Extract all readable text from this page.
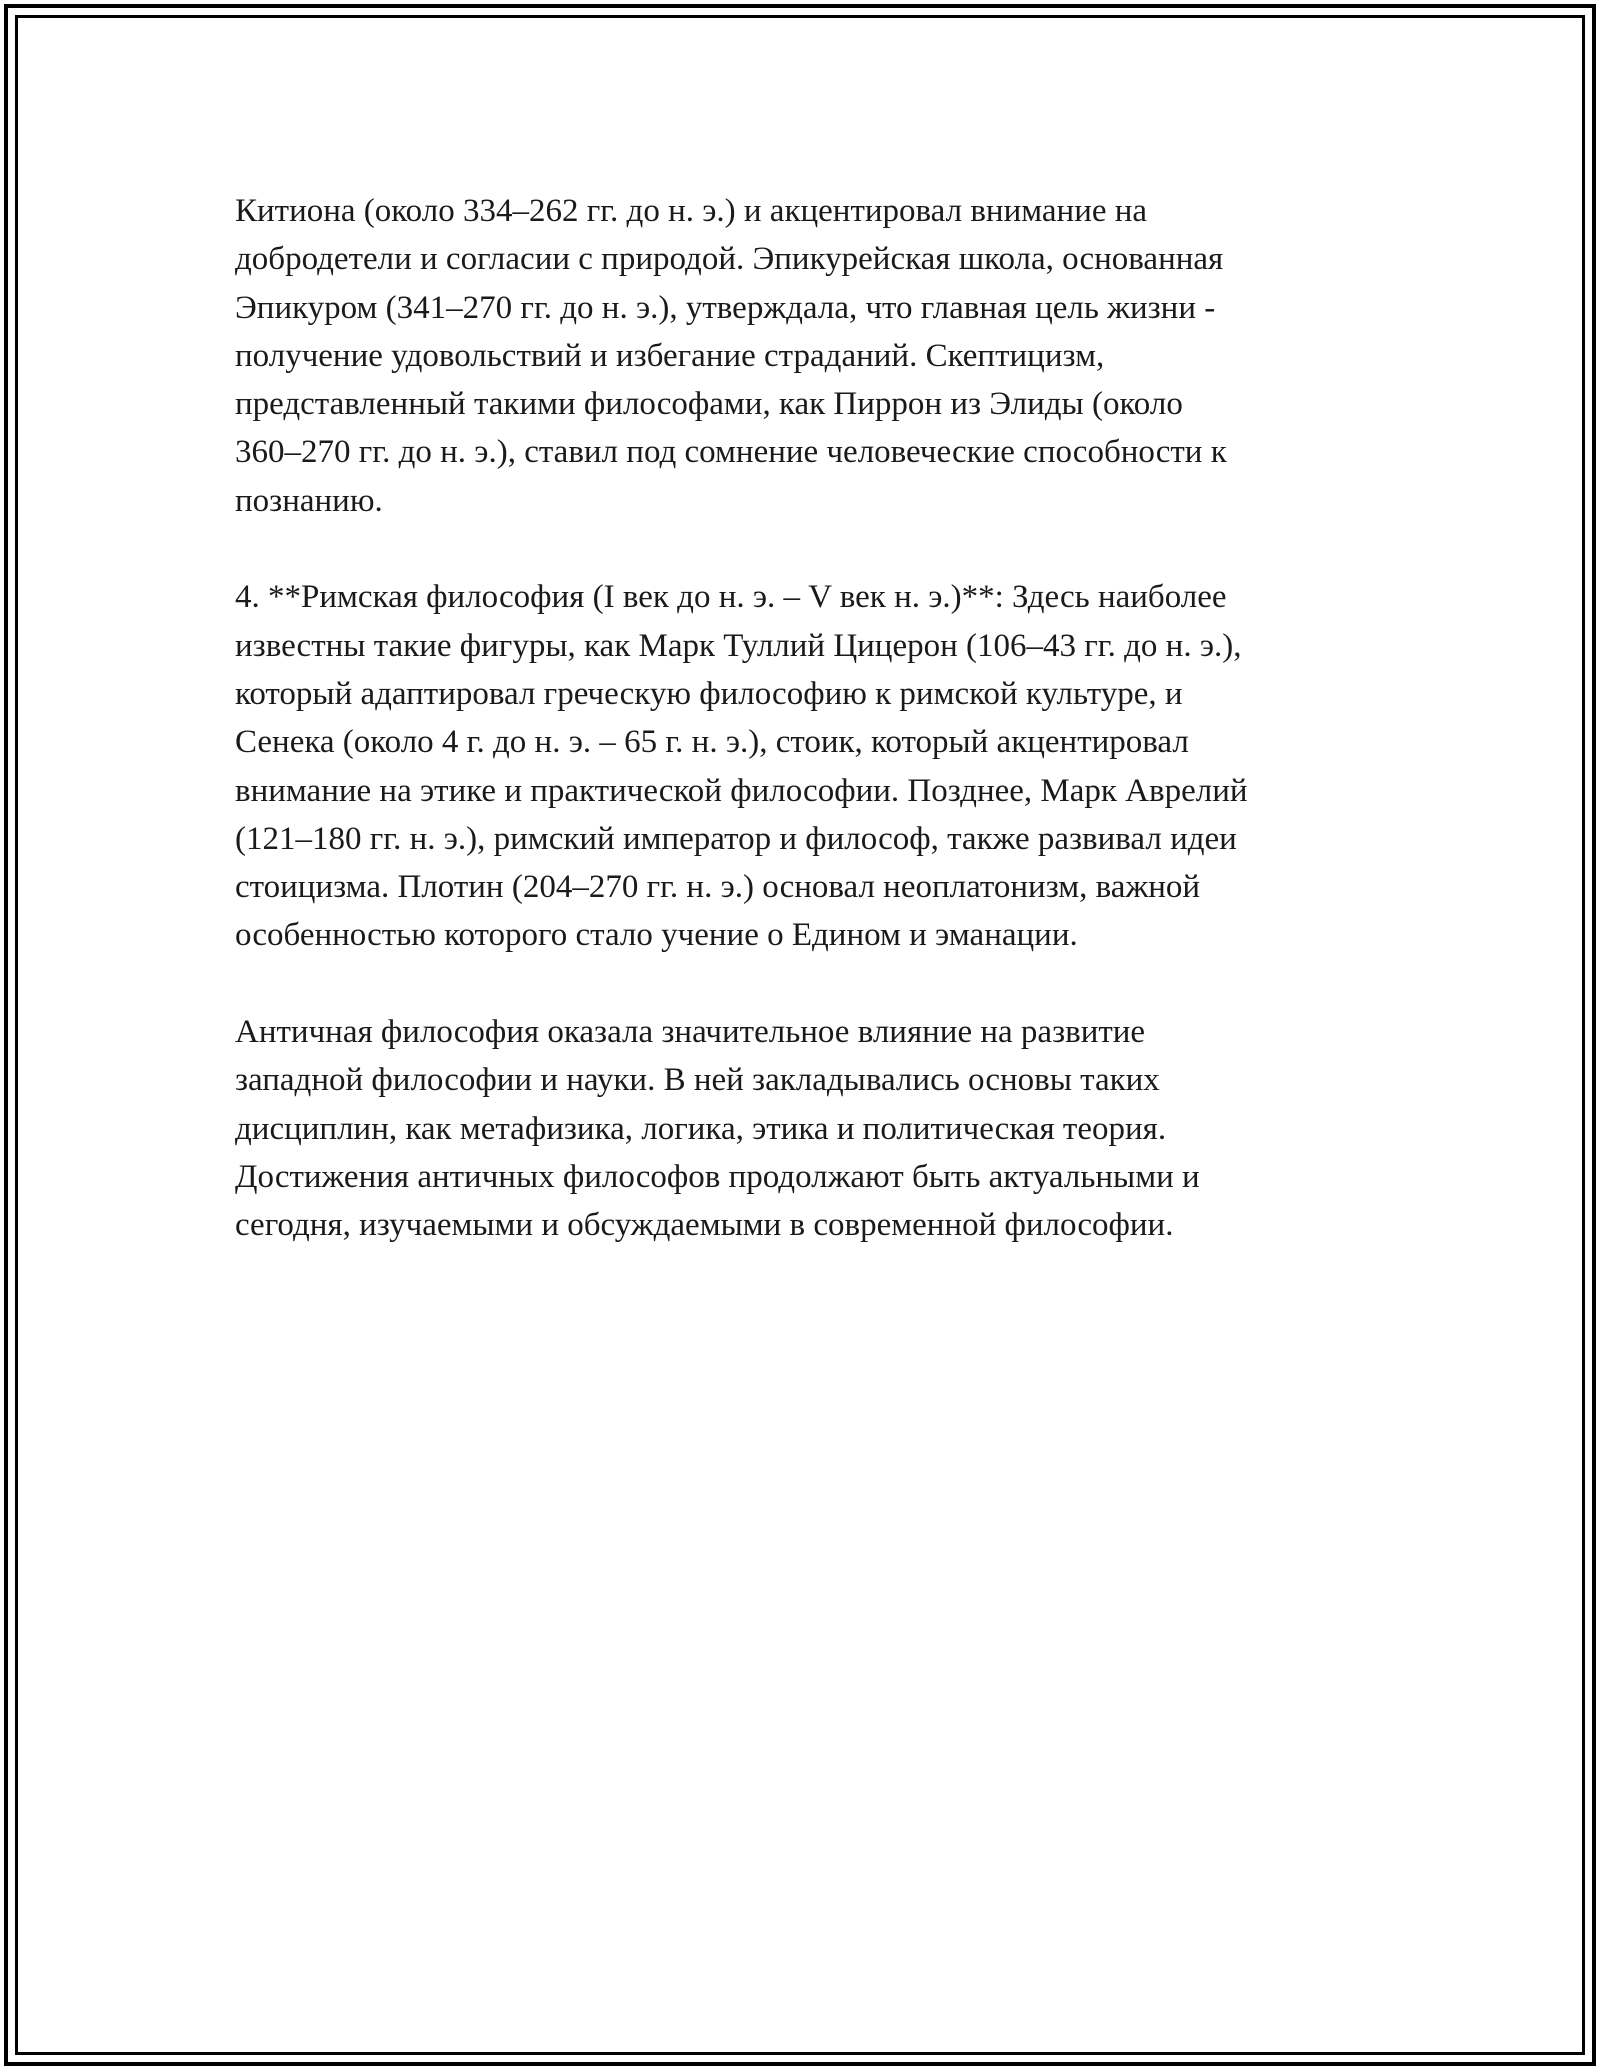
Китиона (около 334–262 гг. до н. э.) и акцентировал внимание на
добродетели и согласии с природой. Эпикурейская школа, основанная
Эпикуром (341–270 гг. до н. э.), утверждала, что главная цель жизни -
получение удовольствий и избегание страданий. Скептицизм,
представленный такими философами, как Пиррон из Элиды (около
360–270 гг. до н. э.), ставил под сомнение человеческие способности к
познанию.

4. **Римская философия (I век до н. э. – V век н. э.)**: Здесь наиболее
известны такие фигуры, как Марк Туллий Цицерон (106–43 гг. до н. э.),
который адаптировал греческую философию к римской культуре, и
Сенека (около 4 г. до н. э. – 65 г. н. э.), стоик, который акцентировал
внимание на этике и практической философии. Позднее, Марк Аврелий
(121–180 гг. н. э.), римский император и философ, также развивал идеи
стоицизма. Плотин (204–270 гг. н. э.) основал неоплатонизм, важной
особенностью которого стало учение о Едином и эманации.

Античная философия оказала значительное влияние на развитие
западной философии и науки. В ней закладывались основы таких
дисциплин, как метафизика, логика, этика и политическая теория.
Достижения античных философов продолжают быть актуальными и
сегодня, изучаемыми и обсуждаемыми в современной философии.
